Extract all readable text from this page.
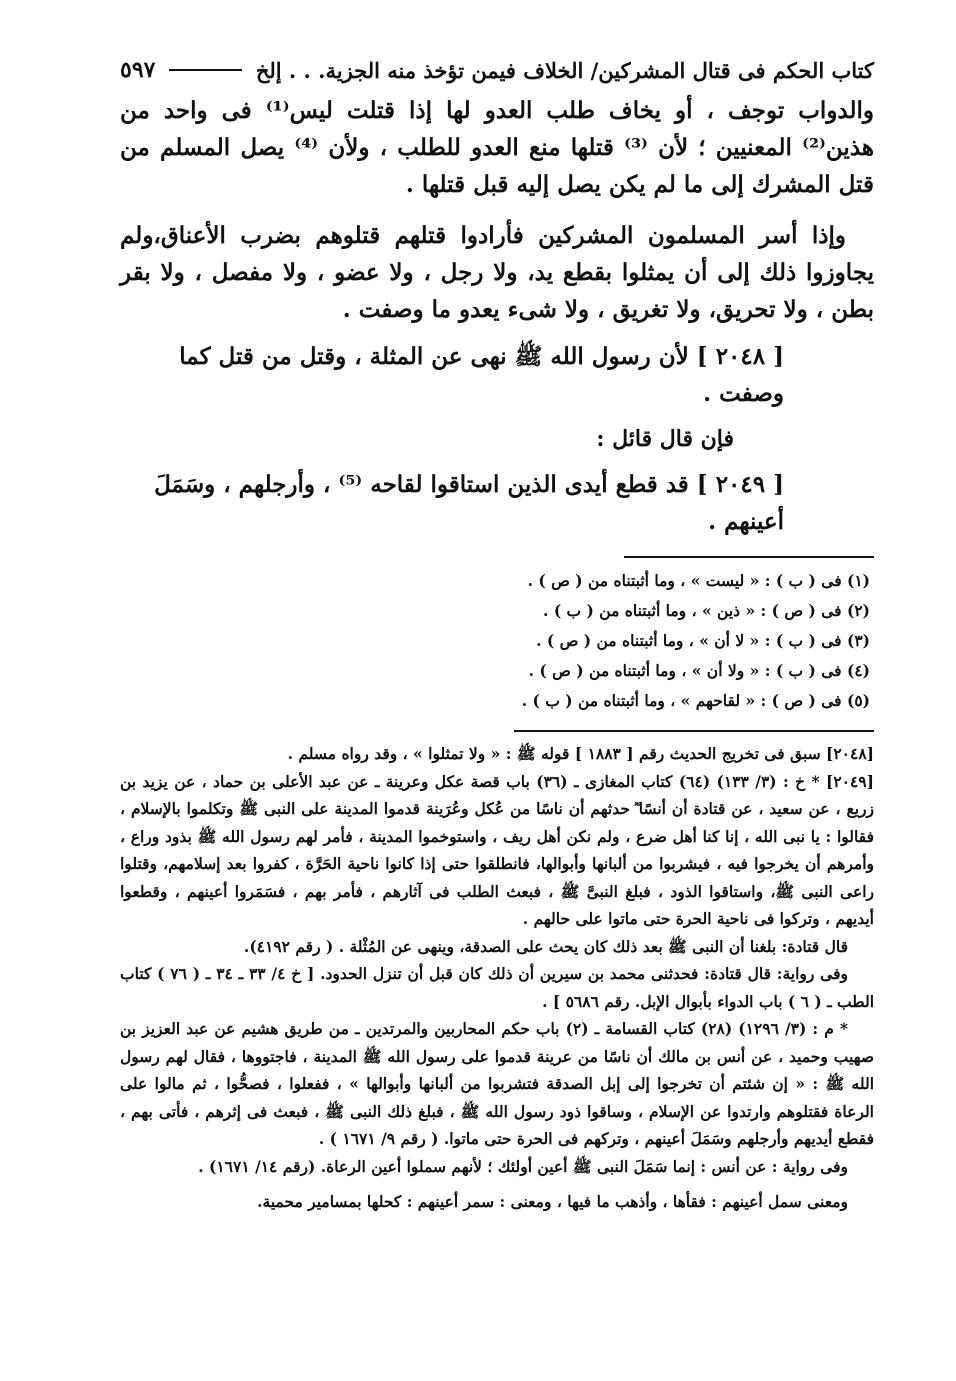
كتاب الحكم فى قتال المشركين/ الخلاف فيمن تؤخذ منه الجزية. . . إلخ
٥٩٧

والدواب توجف ، أو يخاف طلب العدو لها إذا قتلت ليس⁽¹⁾ فى واحد من هذين⁽²⁾ المعنيين ؛ لأن ⁽³⁾ قتلها منع العدو للطلب ، ولأن ⁽⁴⁾ يصل المسلم من قتل المشرك إلى ما لم يكن يصل إليه قبل قتلها .

وإذا أسر المسلمون المشركين فأرادوا قتلهم قتلوهم بضرب الأعناق،ولم يجاوزوا ذلك إلى أن يمثلوا بقطع يد، ولا رجل ، ولا عضو ، ولا مفصل ، ولا بقر بطن ، ولا تحريق، ولا تغريق ، ولا شىء يعدو ما وصفت .

[ ٢٠٤٨ ] لأن رسول الله ﷺ نهى عن المثلة ، وقتل من قتل كما وصفت .
فإن قال قائل :
[ ٢٠٤٩ ] قد قطع أيدى الذين استاقوا لقاحه ⁽⁵⁾ ، وأرجلهم ، وسَمَلَ أعينهم .
(١) فى ( ب ) : « ليست » ، وما أثبتناه من ( ص ) .
(٢) فى ( ص ) : « ذين » ، وما أثبتناه من ( ب ) .
(٣) فى ( ب ) : « لا أن » ، وما أثبتناه من ( ص ) .
(٤) فى ( ب ) : « ولا أن » ، وما أثبتناه من ( ص ) .
(٥) فى ( ص ) : « لقاحهم » ، وما أثبتناه من ( ب ) .

[٢٠٤٨] سبق فى تخريج الحديث رقم [ ١٨٨٣ ] قوله ﷺ : « ولا تمثلوا » ، وقد رواه مسلم .

[٢٠٤٩] * خ : (٣/ ١٣٣) (٦٤) كتاب المغازى ـ (٣٦) باب قصة عكل وعرينة ـ عن عبد الأعلى بن حماد ، عن يزيد بن زريع ، عن سعيد ، عن قتادة أن أنسًا ؓ حدثهم أن ناسًا من عُكل وعُرَينة قدموا المدينة على النبى ﷺ وتكلموا بالإسلام ، فقالوا : يا نبى الله ، إنا كنا أهل ضرع ، ولم نكن أهل ريف ، واستوخموا المدينة ، فأمر لهم رسول الله ﷺ بذود وراع ، وأمرهم أن يخرجوا فيه ، فيشربوا من ألبانها وأبوالها، فانطلقوا حتى إذا كانوا ناحية الحَرَّة ، كفروا بعد إسلامهم، وقتلوا راعى النبى ﷺ، واستاقوا الذود ، فبلغ النبىَّ ﷺ ، فبعث الطلب فى آثارهم ، فأمر بهم ، فسَمَروا أعينهم ، وقطعوا أيديهم ، وتركوا فى ناحية الحرة حتى ماتوا على حالهم .

قال قتادة: بلغنا أن النبى ﷺ بعد ذلك كان يحث على الصدقة، وينهى عن المُثْلة . ( رقم ٤١٩٢).

وفى رواية: قال قتادة: فحدثنى محمد بن سيرين أن ذلك كان قبل أن تنزل الحدود. [ خ ٤/ ٣٣ ـ ٣٤ ـ ( ٧٦ ) كتاب الطب ـ ( ٦ ) باب الدواء بأبوال الإبل. رقم ٥٦٨٦ ] .

* م : (٣/ ١٢٩٦) (٢٨) كتاب القسامة ـ (٢) باب حكم المحاربين والمرتدين ـ من طريق هشيم عن عبد العزيز بن صهيب وحميد ، عن أنس بن مالك أن ناسًا من عرينة قدموا على رسول الله ﷺ المدينة ، فاجتووها ، فقال لهم رسول الله ﷺ : « إن شئتم أن تخرجوا إلى إبل الصدقة فتشربوا من ألبانها وأبوالها » ، ففعلوا ، فصحُّوا ، ثم مالوا على الرعاة فقتلوهم وارتدوا عن الإسلام ، وساقوا ذود رسول الله ﷺ ، فبلغ ذلك النبى ﷺ ، فبعث فى إثرهم ، فأتى بهم ، فقطع أيديهم وأرجلهم وسَمَلَ أعينهم ، وتركهم فى الحرة حتى ماتوا. ( رقم ٩/ ١٦٧١ ) .

وفى رواية : عن أنس : إنما سَمَلَ النبى ﷺ أعين أولئك ؛ لأنهم سملوا أعين الرعاة. (رقم ١٤/ ١٦٧١) .

ومعنى سمل أعينهم : فقأها ، وأذهب ما فيها ، ومعنى : سمر أعينهم : كحلها بمسامير محمية.
